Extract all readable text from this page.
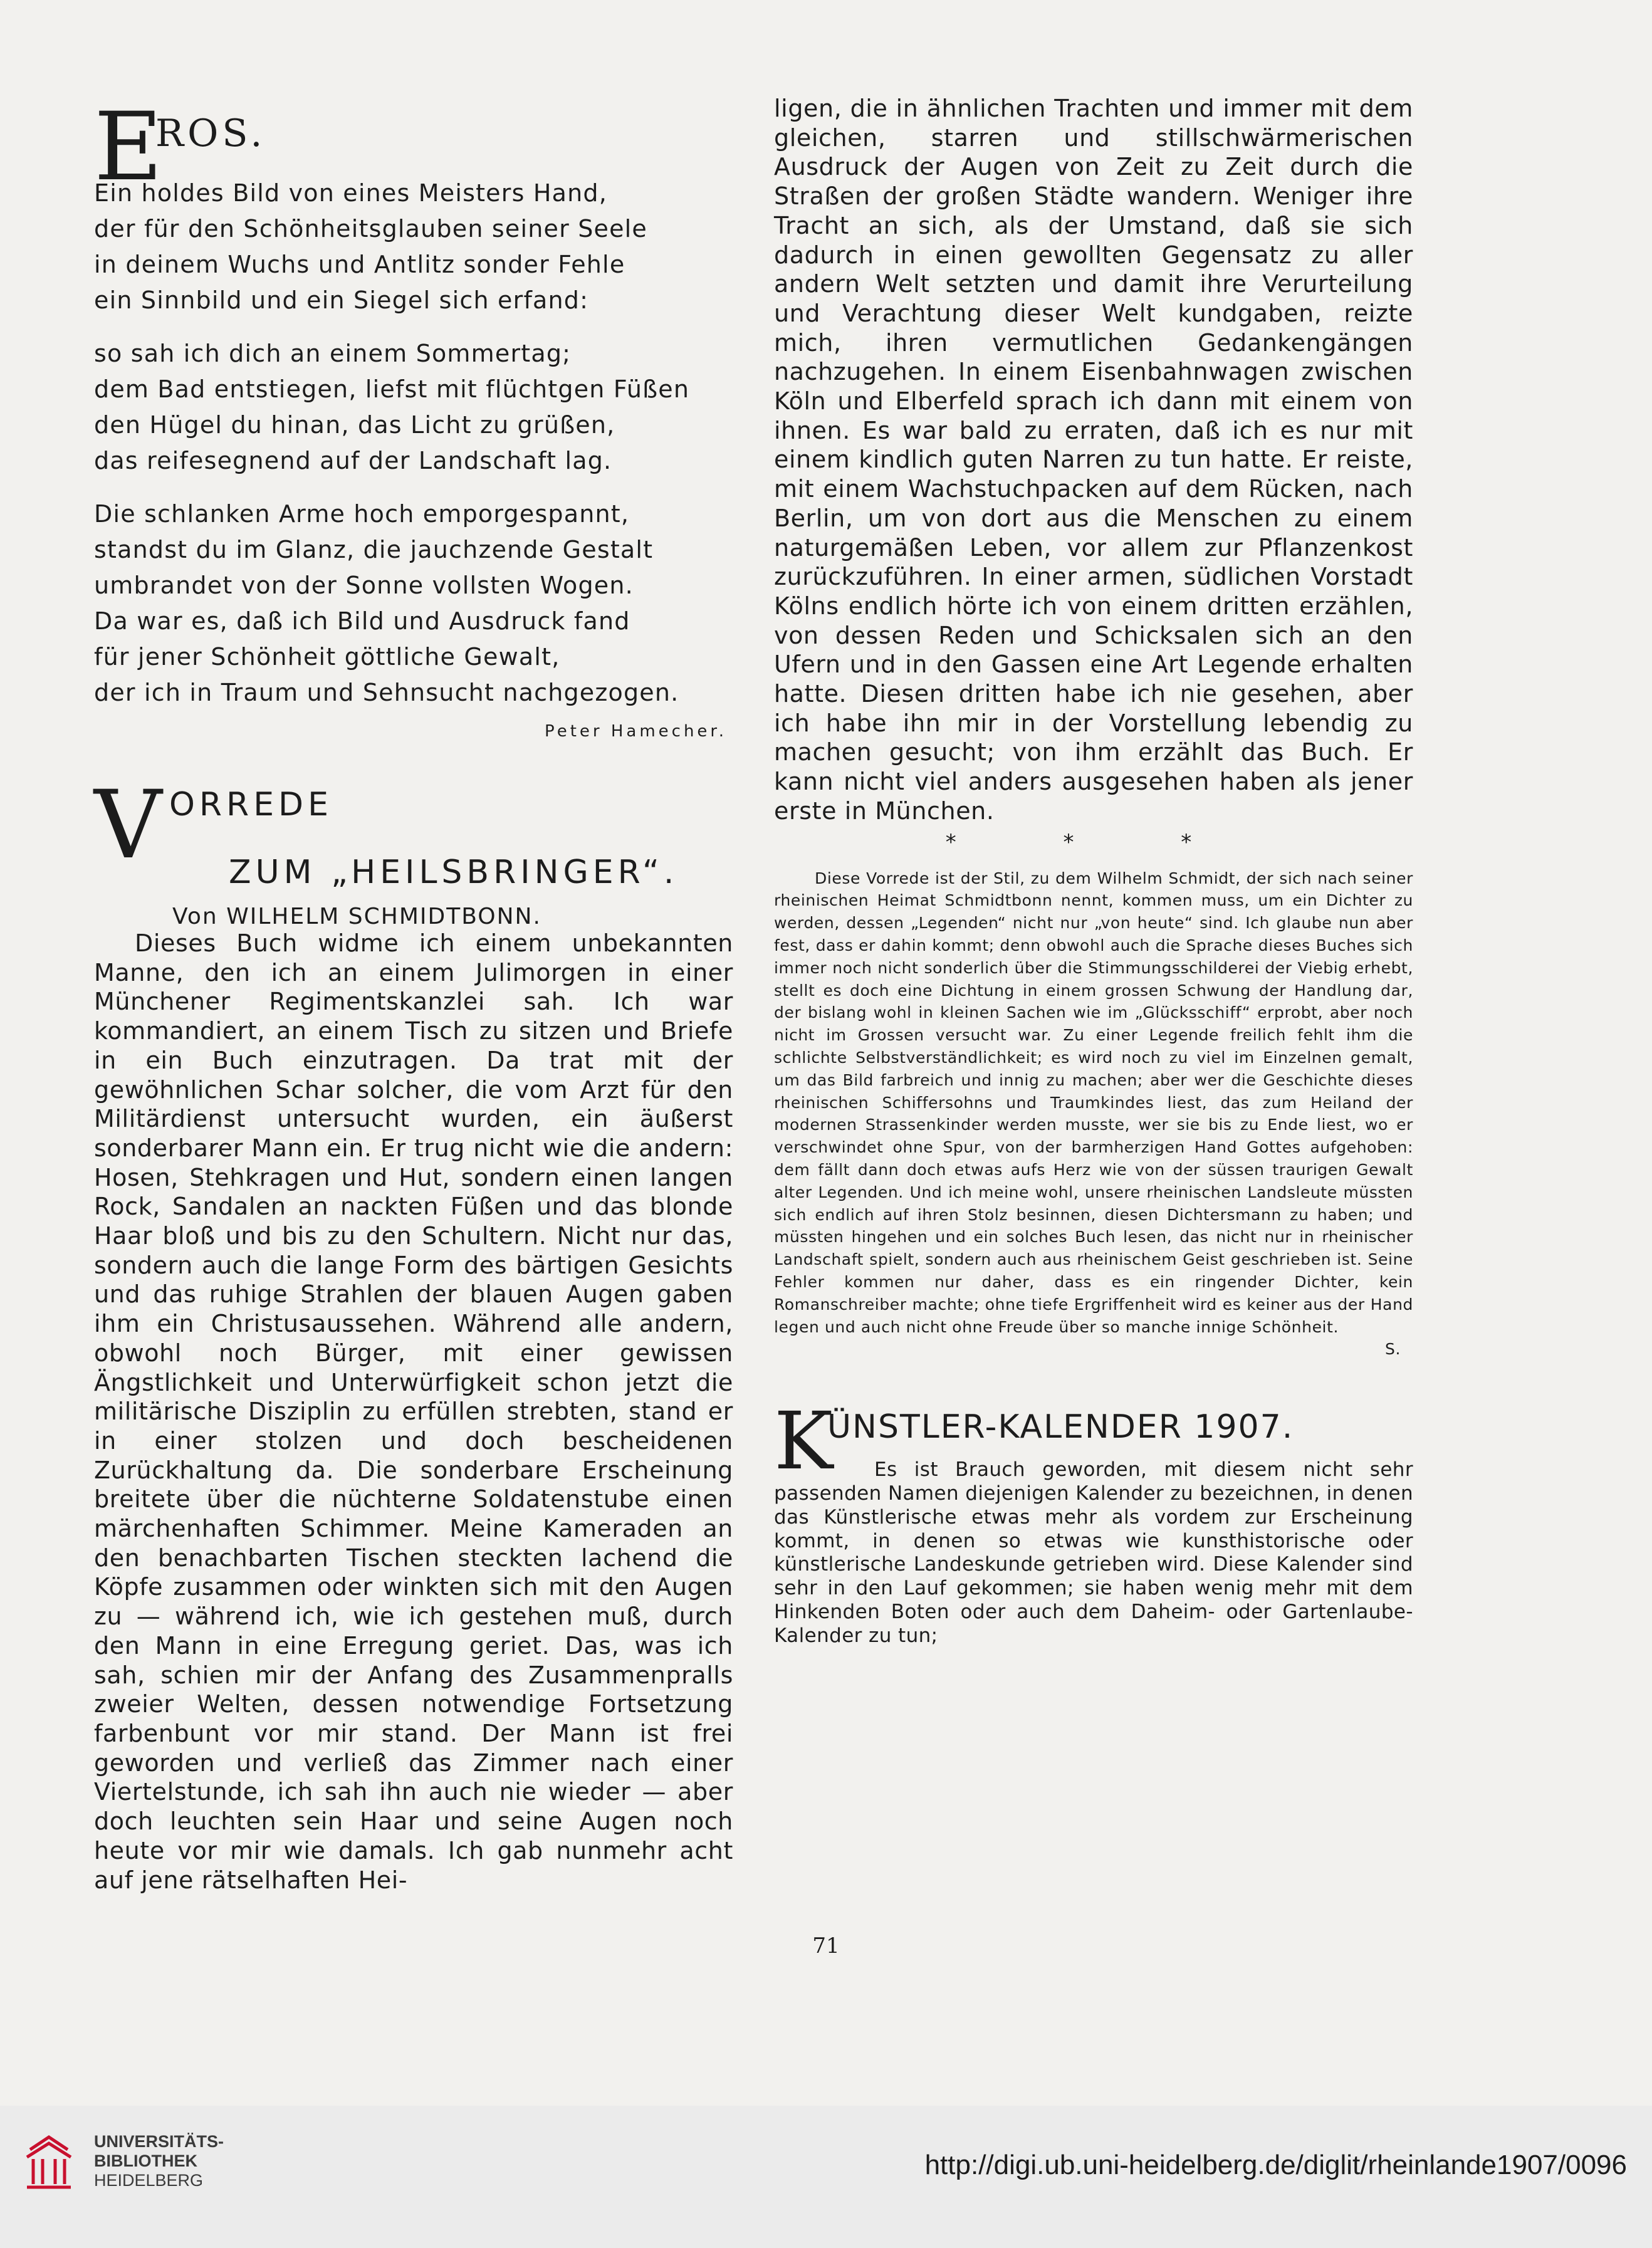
E
ROS.
Ein holdes Bild von eines Meisters Hand,
der für den Schönheitsglauben seiner Seele
in deinem Wuchs und Antlitz sonder Fehle
ein Sinnbild und ein Siegel sich erfand:
so sah ich dich an einem Sommertag;
dem Bad entstiegen, liefst mit flüchtgen Füßen
den Hügel du hinan, das Licht zu grüßen,
das reifesegnend auf der Landschaft lag.
Die schlanken Arme hoch emporgespannt,
standst du im Glanz, die jauchzende Gestalt
umbrandet von der Sonne vollsten Wogen.
Da war es, daß ich Bild und Ausdruck fand
für jener Schönheit göttliche Gewalt,
der ich in Traum und Sehnsucht nachgezogen.
Peter Hamecher.
V ORREDE
ZUM „HEILSBRINGER“.
Von WILHELM SCHMIDTBONN.

Dieses Buch widme ich einem unbekannten Manne, den ich an einem Julimorgen in einer Münchener Regimentskanzlei sah. Ich war kommandiert, an einem Tisch zu sitzen und Briefe in ein Buch einzutragen. Da trat mit der gewöhnlichen Schar solcher, die vom Arzt für den Militärdienst untersucht wurden, ein äußerst sonderbarer Mann ein. Er trug nicht wie die andern: Hosen, Stehkragen und Hut, sondern einen langen Rock, Sandalen an nackten Füßen und das blonde Haar bloß und bis zu den Schultern. Nicht nur das, sondern auch die lange Form des bärtigen Gesichts und das ruhige Strahlen der blauen Augen gaben ihm ein Christusaussehen. Während alle andern, obwohl noch Bürger, mit einer gewissen Ängstlichkeit und Unterwürfigkeit schon jetzt die militärische Disziplin zu erfüllen strebten, stand er in einer stolzen und doch bescheidenen Zurückhaltung da. Die sonderbare Erscheinung breitete über die nüchterne Soldatenstube einen märchenhaften Schimmer. Meine Kameraden an den benachbarten Tischen steckten lachend die Köpfe zusammen oder winkten sich mit den Augen zu — während ich, wie ich gestehen muß, durch den Mann in eine Erregung geriet. Das, was ich sah, schien mir der Anfang des Zusammenpralls zweier Welten, dessen notwendige Fortsetzung farbenbunt vor mir stand. Der Mann ist frei geworden und verließ das Zimmer nach einer Viertelstunde, ich sah ihn auch nie wieder — aber doch leuchten sein Haar und seine Augen noch heute vor mir wie damals. Ich gab nunmehr acht auf jene rätselhaften Hei-

ligen, die in ähnlichen Trachten und immer mit dem gleichen, starren und stillschwärmerischen Ausdruck der Augen von Zeit zu Zeit durch die Straßen der großen Städte wandern. Weniger ihre Tracht an sich, als der Umstand, daß sie sich dadurch in einen gewollten Gegensatz zu aller andern Welt setzten und damit ihre Verurteilung und Verachtung dieser Welt kundgaben, reizte mich, ihren vermutlichen Gedankengängen nachzugehen. In einem Eisenbahnwagen zwischen Köln und Elberfeld sprach ich dann mit einem von ihnen. Es war bald zu erraten, daß ich es nur mit einem kindlich guten Narren zu tun hatte. Er reiste, mit einem Wachstuchpacken auf dem Rücken, nach Berlin, um von dort aus die Menschen zu einem naturgemäßen Leben, vor allem zur Pflanzenkost zurückzuführen. In einer armen, südlichen Vorstadt Kölns endlich hörte ich von einem dritten erzählen, von dessen Reden und Schicksalen sich an den Ufern und in den Gassen eine Art Legende erhalten hatte. Diesen dritten habe ich nie gesehen, aber ich habe ihn mir in der Vorstellung lebendig zu machen gesucht; von ihm erzählt das Buch. Er kann nicht viel anders ausgesehen haben als jener erste in München.

* * *

Diese Vorrede ist der Stil, zu dem Wilhelm Schmidt, der sich nach seiner rheinischen Heimat Schmidtbonn nennt, kommen muss, um ein Dichter zu werden, dessen „Legenden“ nicht nur „von heute“ sind. Ich glaube nun aber fest, dass er dahin kommt; denn obwohl auch die Sprache dieses Buches sich immer noch nicht sonderlich über die Stimmungsschilderei der Viebig erhebt, stellt es doch eine Dichtung in einem grossen Schwung der Handlung dar, der bislang wohl in kleinen Sachen wie im „Glücksschiff“ erprobt, aber noch nicht im Grossen versucht war. Zu einer Legende freilich fehlt ihm die schlichte Selbstverständlichkeit; es wird noch zu viel im Einzelnen gemalt, um das Bild farbreich und innig zu machen; aber wer die Geschichte dieses rheinischen Schiffersohns und Traumkindes liest, das zum Heiland der modernen Strassenkinder werden musste, wer sie bis zu Ende liest, wo er verschwindet ohne Spur, von der barmherzigen Hand Gottes aufgehoben: dem fällt dann doch etwas aufs Herz wie von der süssen traurigen Gewalt alter Legenden. Und ich meine wohl, unsere rheinischen Landsleute müssten sich endlich auf ihren Stolz besinnen, diesen Dichtersmann zu haben; und müssten hingehen und ein solches Buch lesen, das nicht nur in rheinischer Landschaft spielt, sondern auch aus rheinischem Geist geschrieben ist. Seine Fehler kommen nur daher, dass es ein ringender Dichter, kein Romanschreiber machte; ohne tiefe Ergriffenheit wird es keiner aus der Hand legen und auch nicht ohne Freude über so manche innige Schönheit.

S.
K
ÜNSTLER-KALENDER 1907.

Es ist Brauch geworden, mit diesem nicht sehr passenden Namen diejenigen Kalender zu bezeichnen, in denen das Künstlerische etwas mehr als vordem zur Erscheinung kommt, in denen so etwas wie kunsthistorische oder künstlerische Landeskunde getrieben wird. Diese Kalender sind sehr in den Lauf gekommen; sie haben wenig mehr mit dem Hinkenden Boten oder auch dem Daheim- oder Gartenlaube-Kalender zu tun;

71
UNIVERSITÄTS-
BIBLIOTHEK
HEIDELBERG	http://digi.ub.uni-heidelberg.de/diglit/rheinlande1907/0096
